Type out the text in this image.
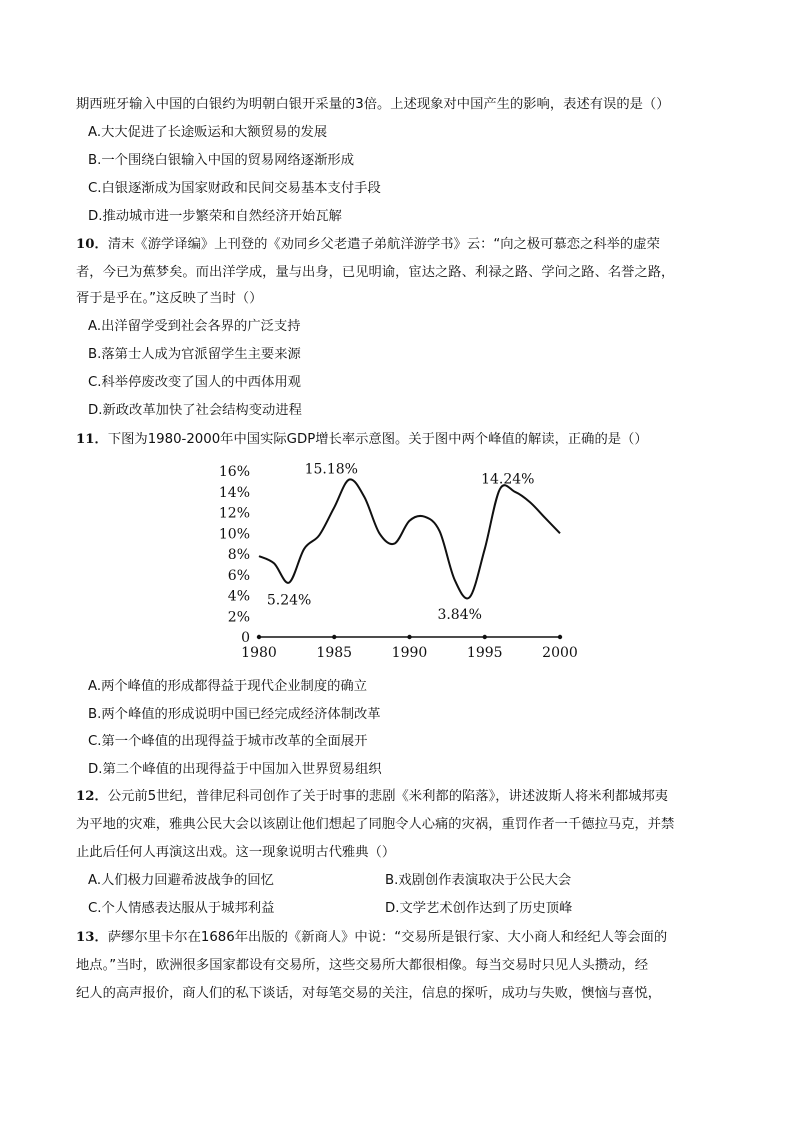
期西班牙输入中国的白银约为明朝白银开采量的3倍。上述现象对中国产生的影响，表述有误的是（）
A.大大促进了长途贩运和大额贸易的发展
B.一个围绕白银输入中国的贸易网络逐渐形成
C.白银逐渐成为国家财政和民间交易基本支付手段
D.推动城市进一步繁荣和自然经济开始瓦解
10．清末《游学译编》上刊登的《劝同乡父老遣子弟航洋游学书》云：“向之极可慕恋之科举的虚荣
者，今已为蕉梦矣。而出洋学成，量与出身，已见明谕，宦达之路、利禄之路、学问之路、名誉之路，
胥于是乎在。”这反映了当时（）
A.出洋留学受到社会各界的广泛支持
B.落第士人成为官派留学生主要来源
C.科举停废改变了国人的中西体用观
D.新政改革加快了社会结构变动进程
11．下图为1980-2000年中国实际GDP增长率示意图。关于图中两个峰值的解读，正确的是（）
0
2%
4%
6%
8%
10%
12%
14%
16%
1980	1985	1990	1995	2000
15.18%
5.24%
3.84%
14.24%
A.两个峰值的形成都得益于现代企业制度的确立
B.两个峰值的形成说明中国已经完成经济体制改革
C.第一个峰值的出现得益于城市改革的全面展开
D.第二个峰值的出现得益于中国加入世界贸易组织
12．公元前5世纪，普律尼科司创作了关于时事的悲剧《米利都的陷落》，讲述波斯人将米利都城邦夷
为平地的灾难，雅典公民大会以该剧让他们想起了同胞令人心痛的灾祸，重罚作者一千德拉马克，并禁
止此后任何人再演这出戏。这一现象说明古代雅典（）
A.人们极力回避希波战争的回忆	B.戏剧创作表演取决于公民大会
C.个人情感表达服从于城邦利益	D.文学艺术创作达到了历史顶峰
13．萨缪尔里卡尔在1686年出版的《新商人》中说：“交易所是银行家、大小商人和经纪人等会面的
地点。”当时，欧洲很多国家都设有交易所，这些交易所大都很相像。每当交易时只见人头攒动，经
纪人的高声报价，商人们的私下谈话，对每笔交易的关注，信息的探听，成功与失败，懊恼与喜悦，
